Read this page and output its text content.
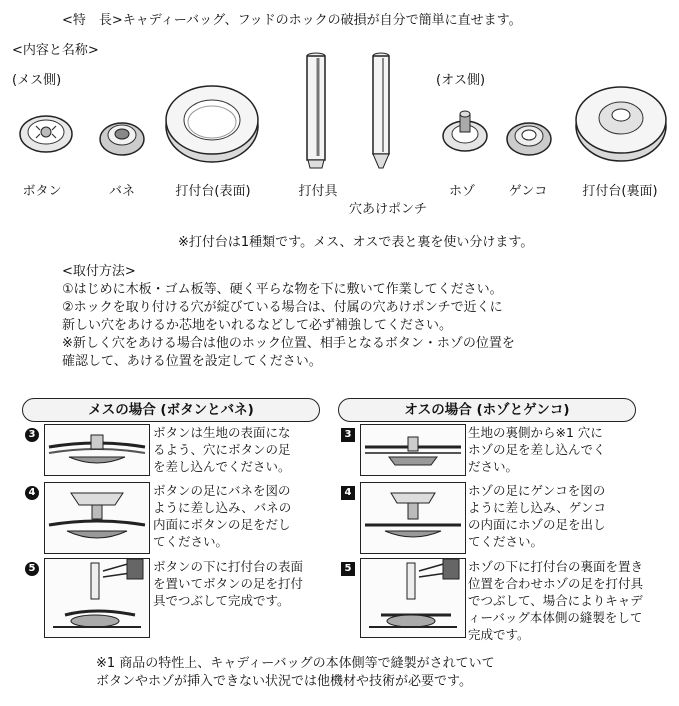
<特　長>キャディーバッグ、フッドのホックの破損が自分で簡単に直せます。
<内容と名称>
(メス側)	(オス側)
ボタン	バネ	打付台(表面)	打付具
穴あけポンチ
ホゾ	ゲンコ	打付台(裏面)
※打付台は1種類です。メス、オスで表と裏を使い分けます。
<取付方法>
①はじめに木板・ゴム板等、硬く平らな物を下に敷いて作業してください。
②ホックを取り付ける穴が綻びている場合は、付属の穴あけポンチで近くに
新しい穴をあけるか芯地をいれるなどして必ず補強してください。
※新しく穴をあける場合は他のホック位置、相手となるボタン・ホゾの位置を
確認して、あける位置を設定してください。
メスの場合 (ボタンとバネ)
3	ボタンは生地の表面にな
るよう、穴にボタンの足
を差し込んでください。
4	ボタンの足にバネを図の
ように差し込み、バネの
内面にボタンの足をだし
てください。
5	ボタンの下に打付台の表面
を置いてボタンの足を打付
具でつぶして完成です。
オスの場合 (ホゾとゲンコ)
3	生地の裏側から※1 穴に
ホゾの足を差し込んでく
ださい。
4	ホゾの足にゲンコを図の
ように差し込み、ゲンコ
の内面にホゾの足を出し
てください。
5	ホゾの下に打付台の裏面を置き
位置を合わせホゾの足を打付具
でつぶして、場合によりキャデ
ィーバッグ本体側の縫製をして
完成です。
※1 商品の特性上、キャディーバッグの本体側等で縫製がされていて
ボタンやホゾが挿入できない状況では他機材や技術が必要です。
